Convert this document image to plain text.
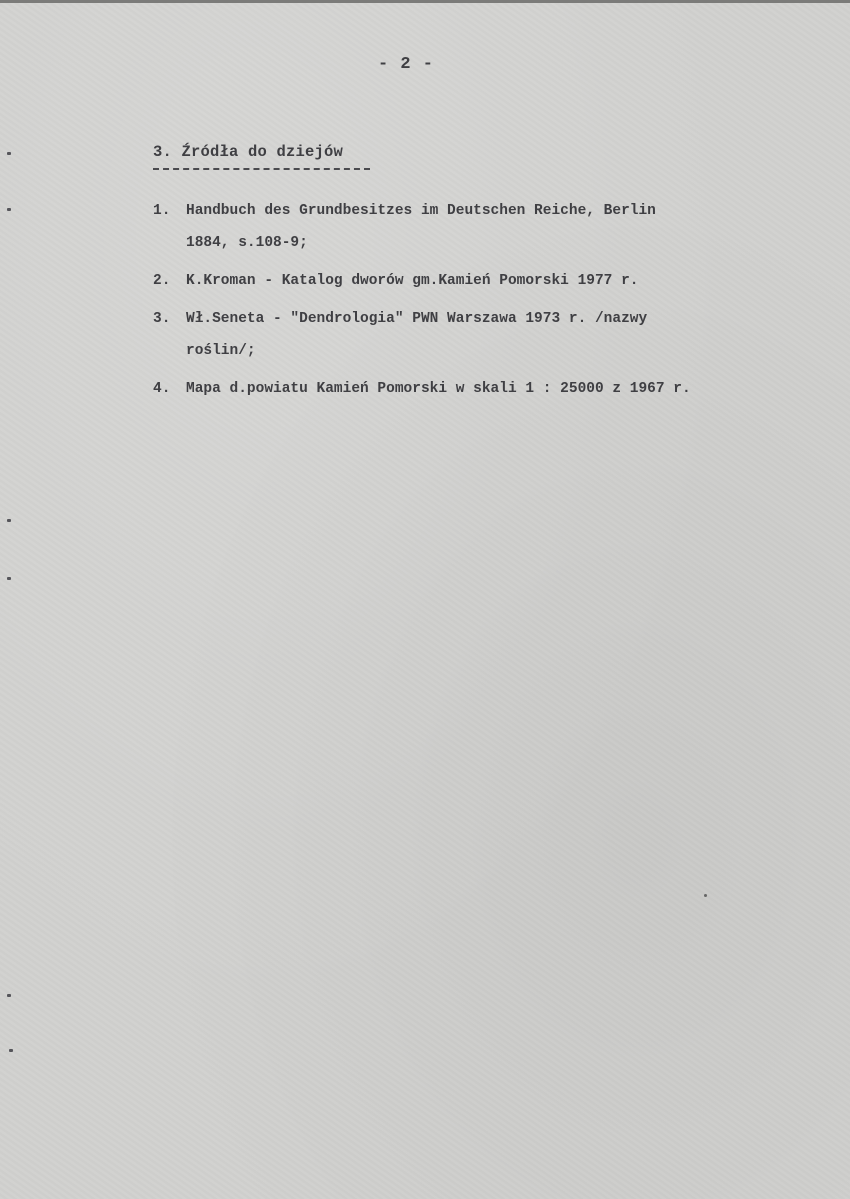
- 2 -
3. Źródła do dziejów
1. Handbuch des Grundbesitzes im Deutschen Reiche, Berlin
1884, s.108-9;
2. K.Kroman - Katalog dworów gm.Kamień Pomorski 1977 r.
3. Wł.Seneta - "Dendrologia" PWN Warszawa 1973 r. /nazwy
roślin/;
4. Mapa d.powiatu Kamień Pomorski w skali 1 : 25000 z 1967 r.
